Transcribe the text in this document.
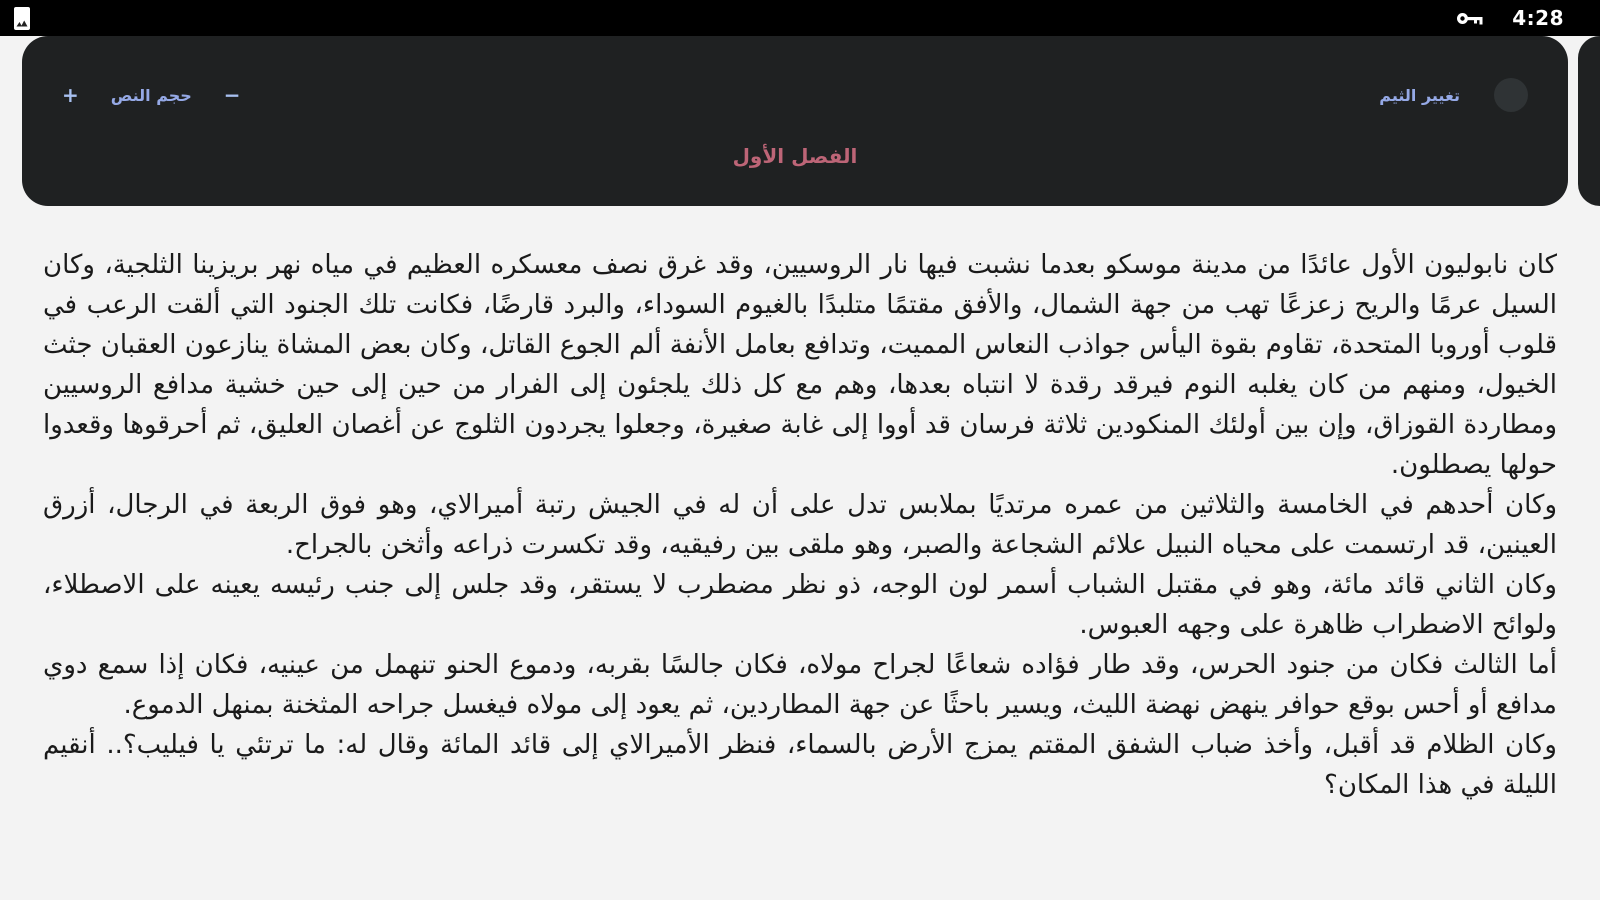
4:28
تغيير الثيم
−
حجم النص
+
الفصل الأول

كان نابوليون الأول عائدًا من مدينة موسكو بعدما نشبت فيها نار الروسيين، وقد غرق نصف معسكره العظيم في مياه نهر بريزينا الثلجية، وكان السيل عرمًا والريح زعزعًا تهب من جهة الشمال، والأفق مقتمًا متلبدًا بالغيوم السوداء، والبرد قارضًا، فكانت تلك الجنود التي ألقت الرعب في قلوب أوروبا المتحدة، تقاوم بقوة اليأس جواذب النعاس المميت، وتدافع بعامل الأنفة ألم الجوع القاتل، وكان بعض المشاة ينازعون العقبان جثث الخيول، ومنهم من كان يغلبه النوم فيرقد رقدة لا انتباه بعدها، وهم مع كل ذلك يلجئون إلى الفرار من حين إلى حين خشية مدافع الروسيين ومطاردة القوزاق، وإن بين أولئك المنكودين ثلاثة فرسان قد أووا إلى غابة صغيرة، وجعلوا يجردون الثلوج عن أغصان العليق، ثم أحرقوها وقعدوا حولها يصطلون.

وكان أحدهم في الخامسة والثلاثين من عمره مرتديًا بملابس تدل على أن له في الجيش رتبة أميرالاي، وهو فوق الربعة في الرجال، أزرق العينين، قد ارتسمت على محياه النبيل علائم الشجاعة والصبر، وهو ملقى بين رفيقيه، وقد تكسرت ذراعه وأثخن بالجراح.

وكان الثاني قائد مائة، وهو في مقتبل الشباب أسمر لون الوجه، ذو نظر مضطرب لا يستقر، وقد جلس إلى جنب رئيسه يعينه على الاصطلاء، ولوائح الاضطراب ظاهرة على وجهه العبوس.

أما الثالث فكان من جنود الحرس، وقد طار فؤاده شعاعًا لجراح مولاه، فكان جالسًا بقربه، ودموع الحنو تنهمل من عينيه، فكان إذا سمع دوي مدافع أو أحس بوقع حوافر ينهض نهضة الليث، ويسير باحثًا عن جهة المطاردين، ثم يعود إلى مولاه فيغسل جراحه المثخنة بمنهل الدموع.

وكان الظلام قد أقبل، وأخذ ضباب الشفق المقتم يمزج الأرض بالسماء، فنظر الأميرالاي إلى قائد المائة وقال له: ما ترتئي يا فيليب؟.. أنقيم الليلة في هذا المكان؟
